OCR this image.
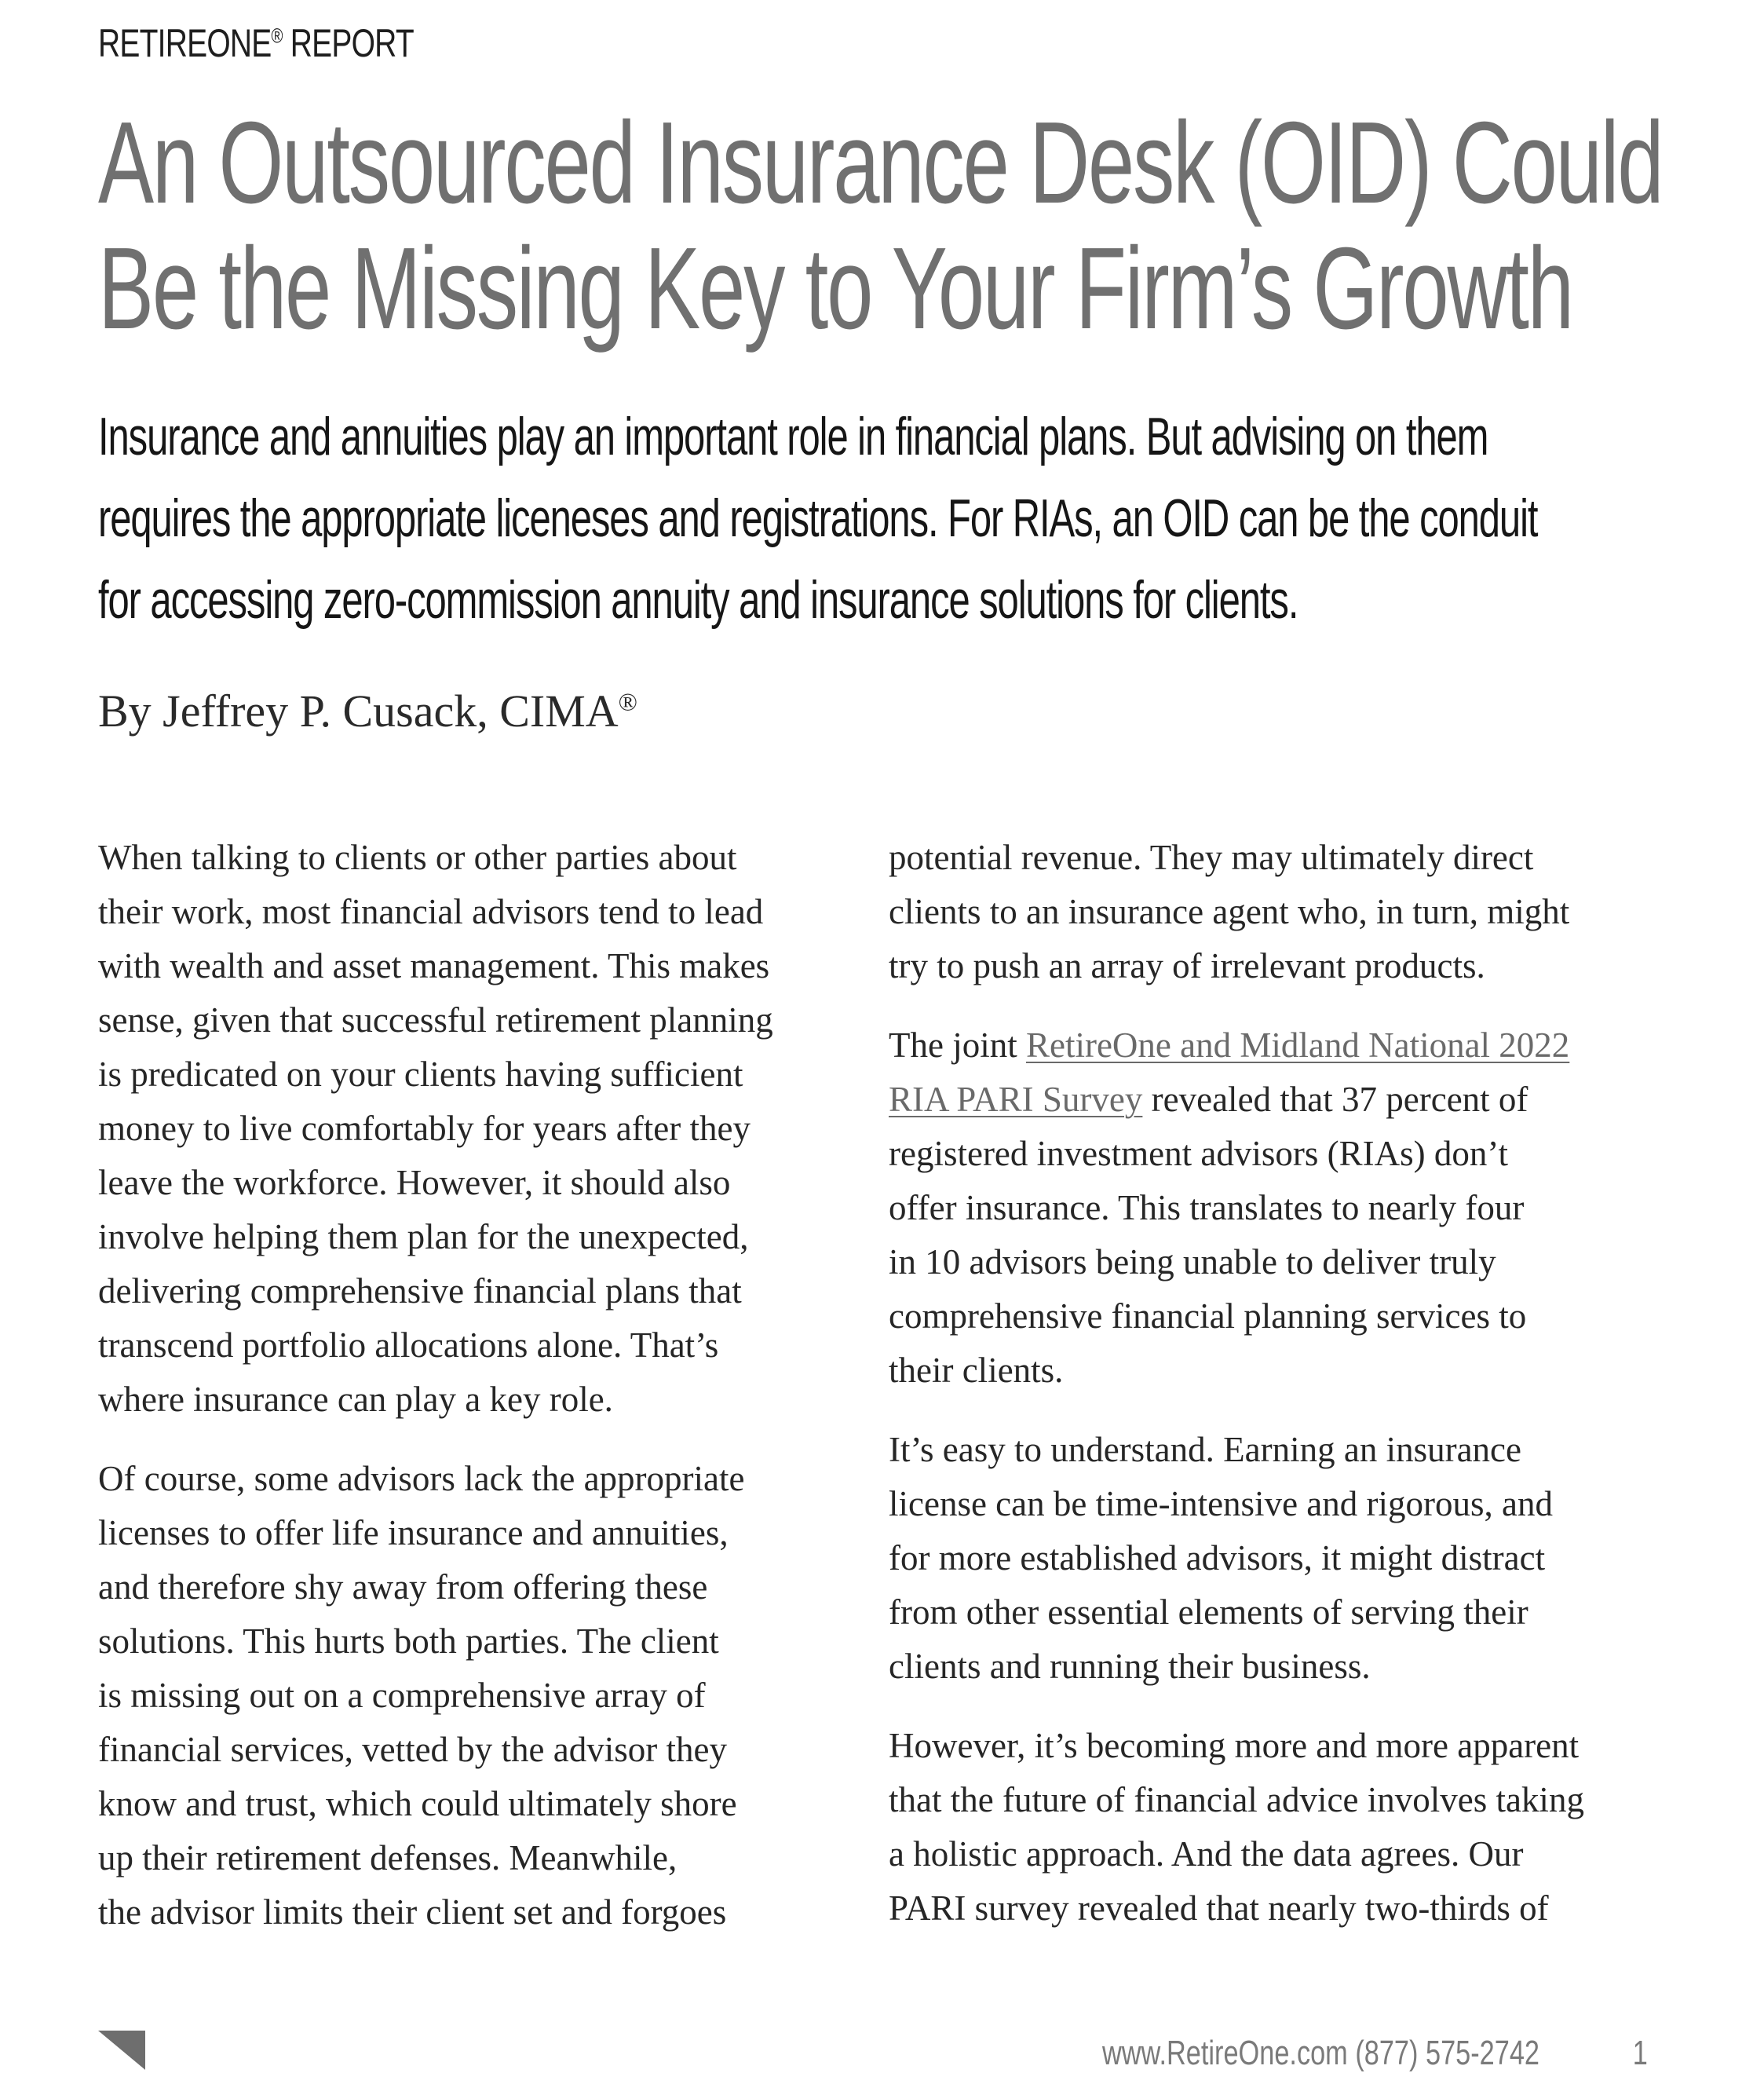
RETIREONE® REPORT
An Outsourced Insurance Desk (OID) Could
Be the Missing Key to Your Firm’s Growth

Insurance and annuities play an important role in financial plans. But advising on them
requires the appropriate liceneses and registrations. For RIAs, an OID can be the conduit
for accessing zero-commission annuity and insurance solutions for clients.

By Jeffrey P. Cusack, CIMA®

When talking to clients or other parties about
their work, most financial advisors tend to lead
with wealth and asset management. This makes
sense, given that successful retirement planning
is predicated on your clients having sufficient
money to live comfortably for years after they
leave the workforce. However, it should also
involve helping them plan for the unexpected,
delivering comprehensive financial plans that
transcend portfolio allocations alone. That’s
where insurance can play a key role.

Of course, some advisors lack the appropriate
licenses to offer life insurance and annuities,
and therefore shy away from offering these
solutions. This hurts both parties. The client
is missing out on a comprehensive array of
financial services, vetted by the advisor they
know and trust, which could ultimately shore
up their retirement defenses. Meanwhile,
the advisor limits their client set and forgoes

potential revenue. They may ultimately direct
clients to an insurance agent who, in turn, might
try to push an array of irrelevant products.

The joint RetireOne and Midland National 2022
RIA PARI Survey revealed that 37 percent of
registered investment advisors (RIAs) don’t
offer insurance. This translates to nearly four
in 10 advisors being unable to deliver truly
comprehensive financial planning services to
their clients.

It’s easy to understand. Earning an insurance
license can be time-intensive and rigorous, and
for more established advisors, it might distract
from other essential elements of serving their
clients and running their business.

However, it’s becoming more and more apparent
that the future of financial advice involves taking
a holistic approach. And the data agrees. Our
PARI survey revealed that nearly two-thirds of

www.RetireOne.com (877) 575-2742	1
